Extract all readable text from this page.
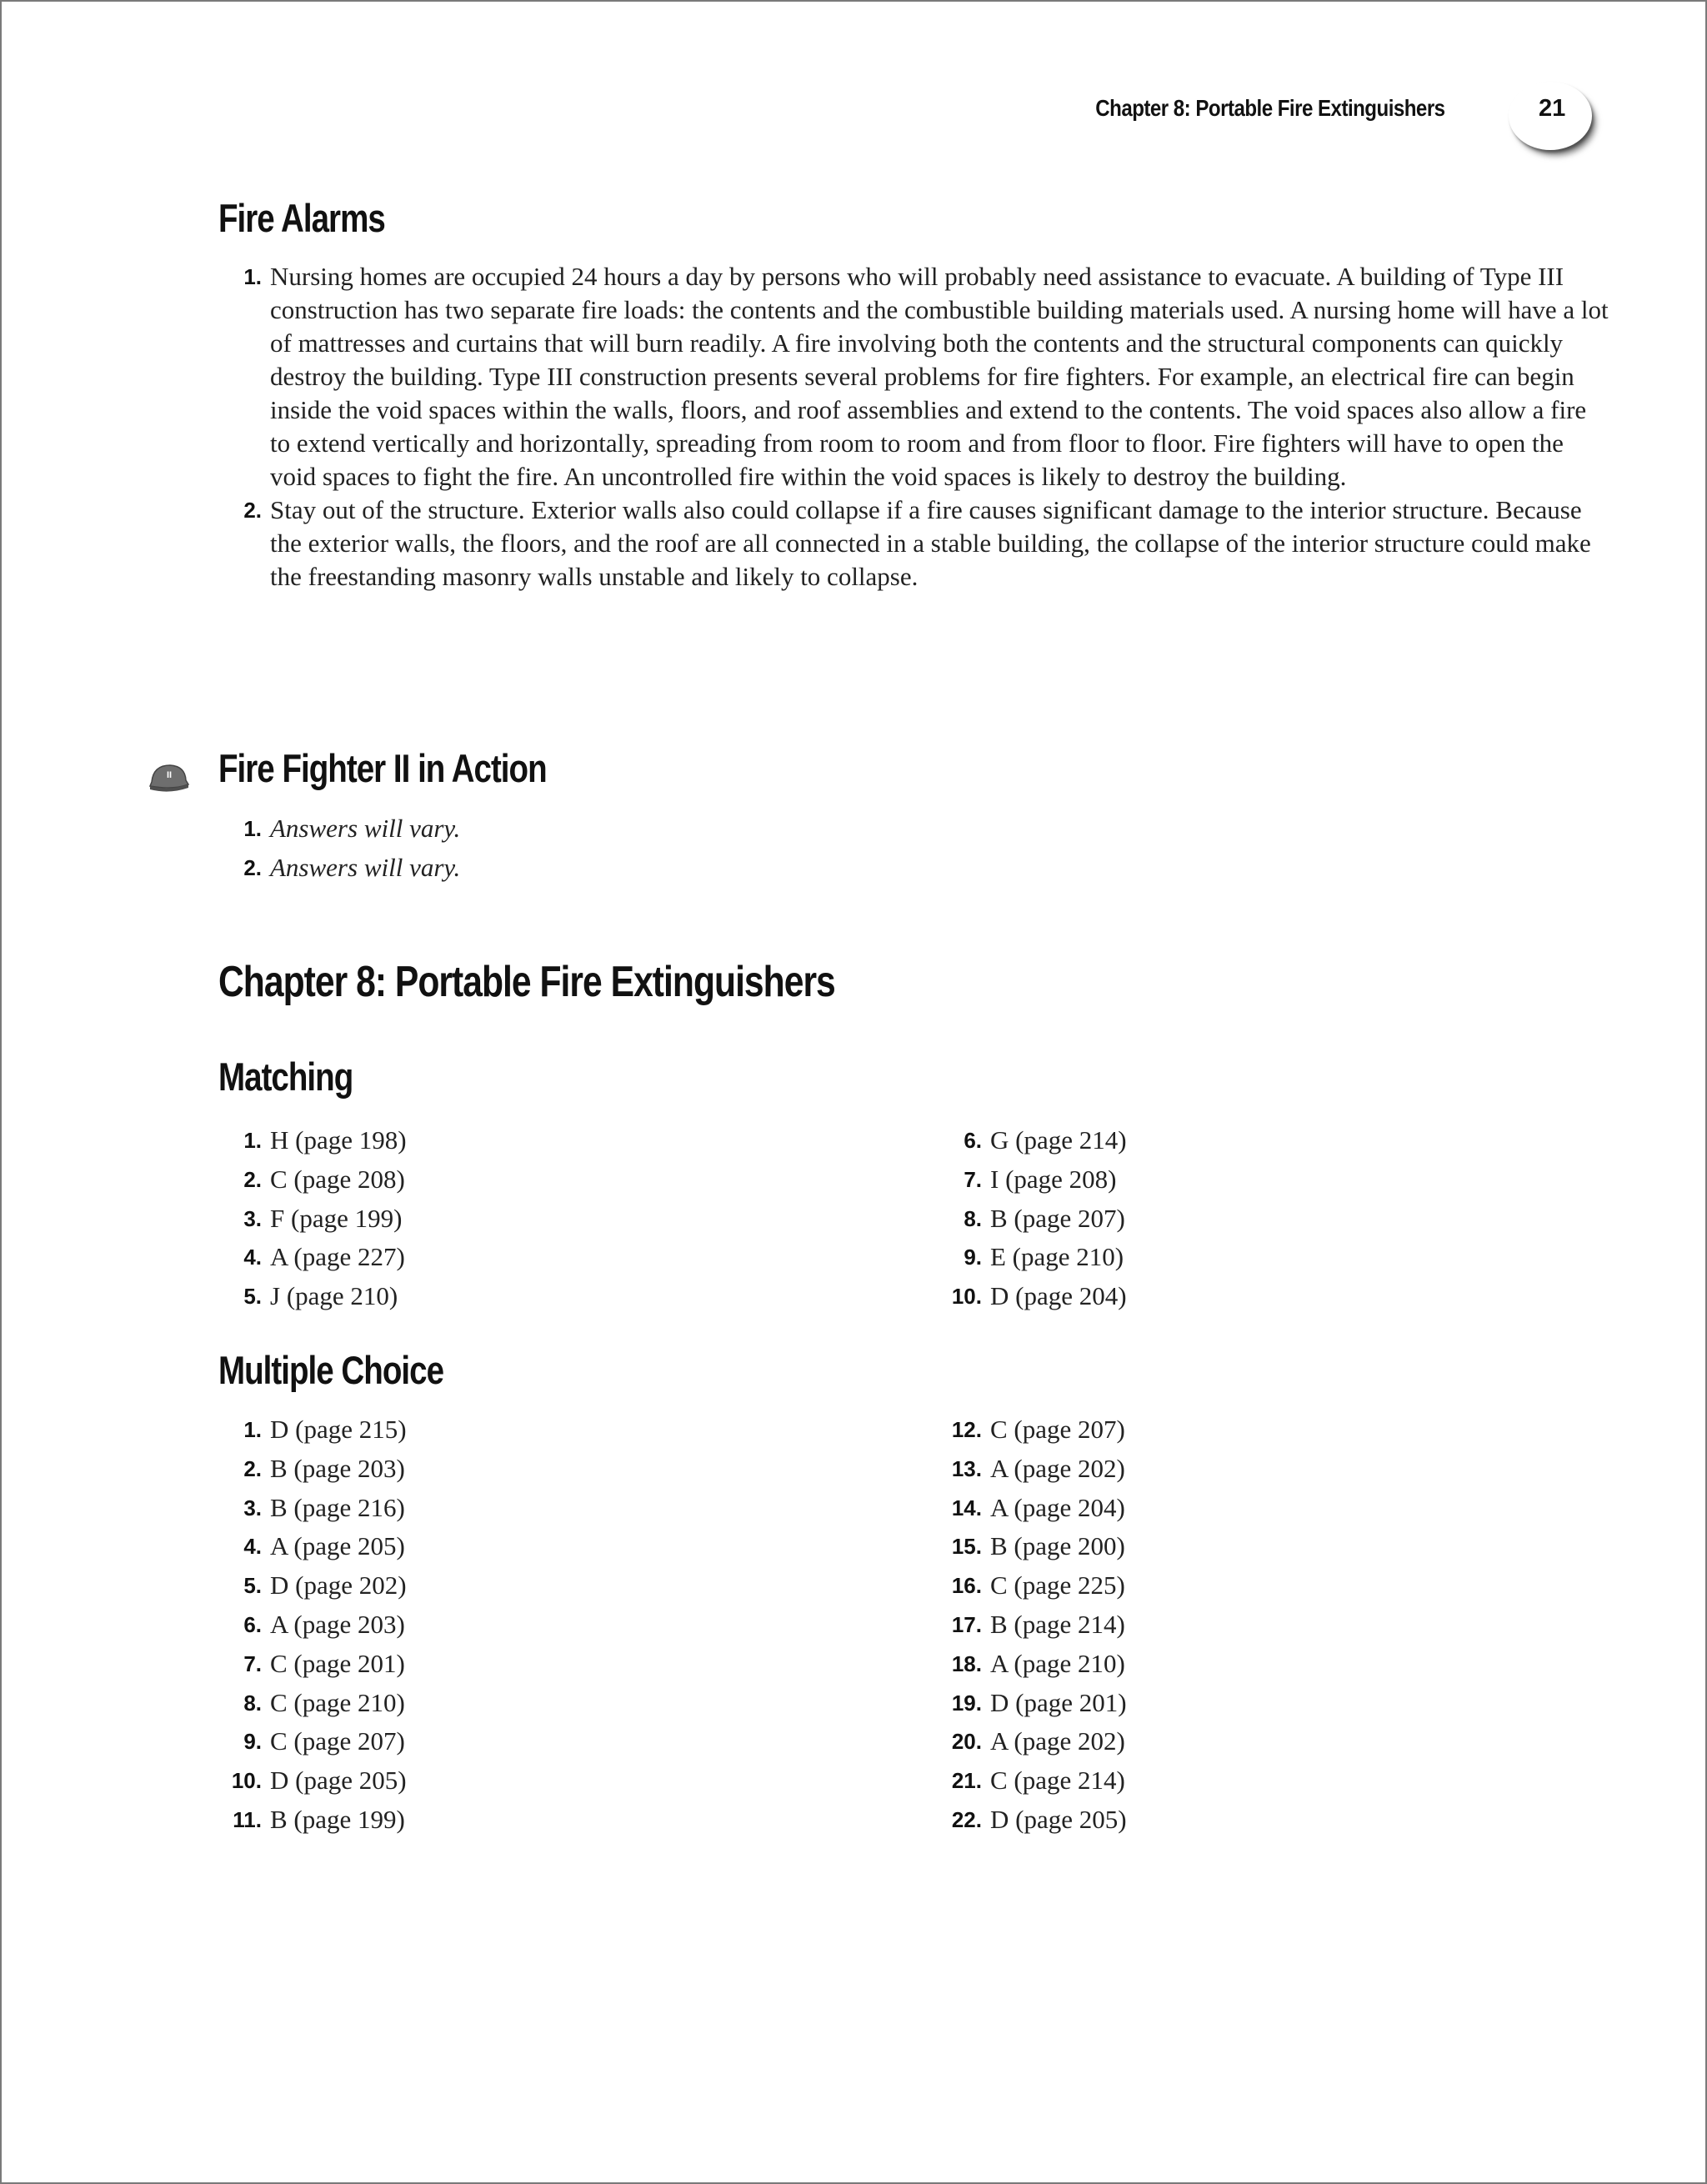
Chapter 8: Portable Fire Extinguishers	21
Fire Alarms
1. Nursing homes are occupied 24 hours a day by persons who will probably need assistance to evacuate. A building of Type III construction has two separate fire loads: the contents and the combustible building materials used. A nursing home will have a lot of mattresses and curtains that will burn readily. A fire involving both the contents and the structural components can quickly destroy the building. Type III construction presents several problems for fire fighters. For example, an electrical fire can begin inside the void spaces within the walls, floors, and roof assemblies and extend to the contents. The void spaces also allow a fire to extend vertically and horizontally, spreading from room to room and from floor to floor. Fire fighters will have to open the void spaces to fight the fire. An uncontrolled fire within the void spaces is likely to destroy the building.
2. Stay out of the structure. Exterior walls also could collapse if a fire causes significant damage to the interior structure. Because the exterior walls, the floors, and the roof are all connected in a stable building, the collapse of the interior structure could make the freestanding masonry walls unstable and likely to collapse.
II Fire Fighter II in Action
1. Answers will vary.
2. Answers will vary.
Chapter 8: Portable Fire Extinguishers
Matching
1. H (page 198)
2. C (page 208)
3. F (page 199)
4. A (page 227)
5. J (page 210)
6. G (page 214)
7. I (page 208)
8. B (page 207)
9. E (page 210)
10. D (page 204)
Multiple Choice
1. D (page 215)
2. B (page 203)
3. B (page 216)
4. A (page 205)
5. D (page 202)
6. A (page 203)
7. C (page 201)
8. C (page 210)
9. C (page 207)
10. D (page 205)
11. B (page 199)
12. C (page 207)
13. A (page 202)
14. A (page 204)
15. B (page 200)
16. C (page 225)
17. B (page 214)
18. A (page 210)
19. D (page 201)
20. A (page 202)
21. C (page 214)
22. D (page 205)
